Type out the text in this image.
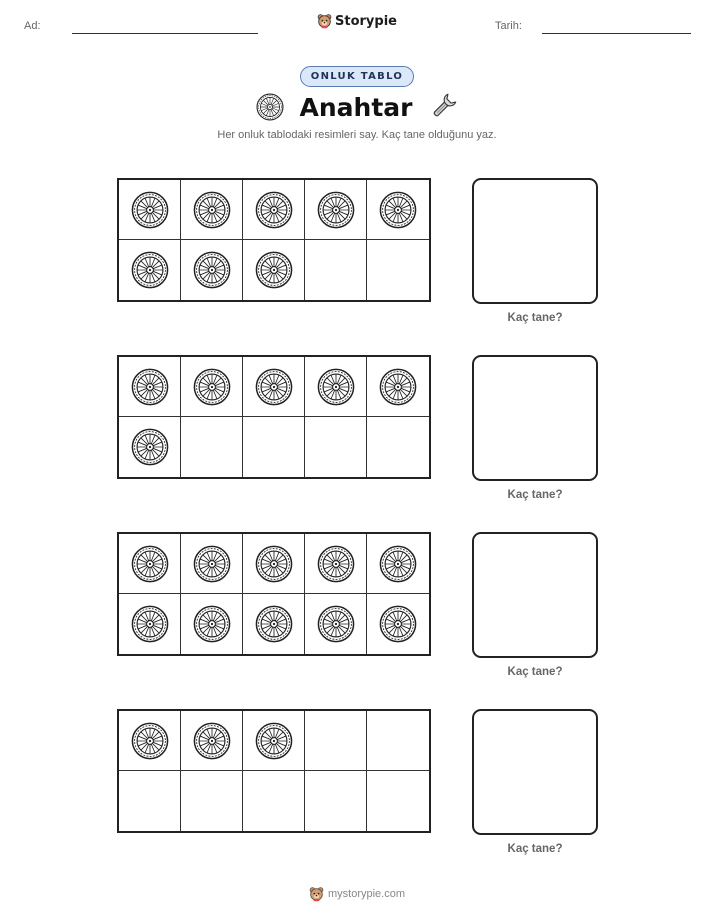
Ad:	Storypie	Tarih:
ONLUK TABLO
Anahtar
Her onluk tablodaki resimleri say. Kaç tane olduğunu yaz.
Kaç tane?
Kaç tane?
Kaç tane?
Kaç tane?
mystorypie.com
